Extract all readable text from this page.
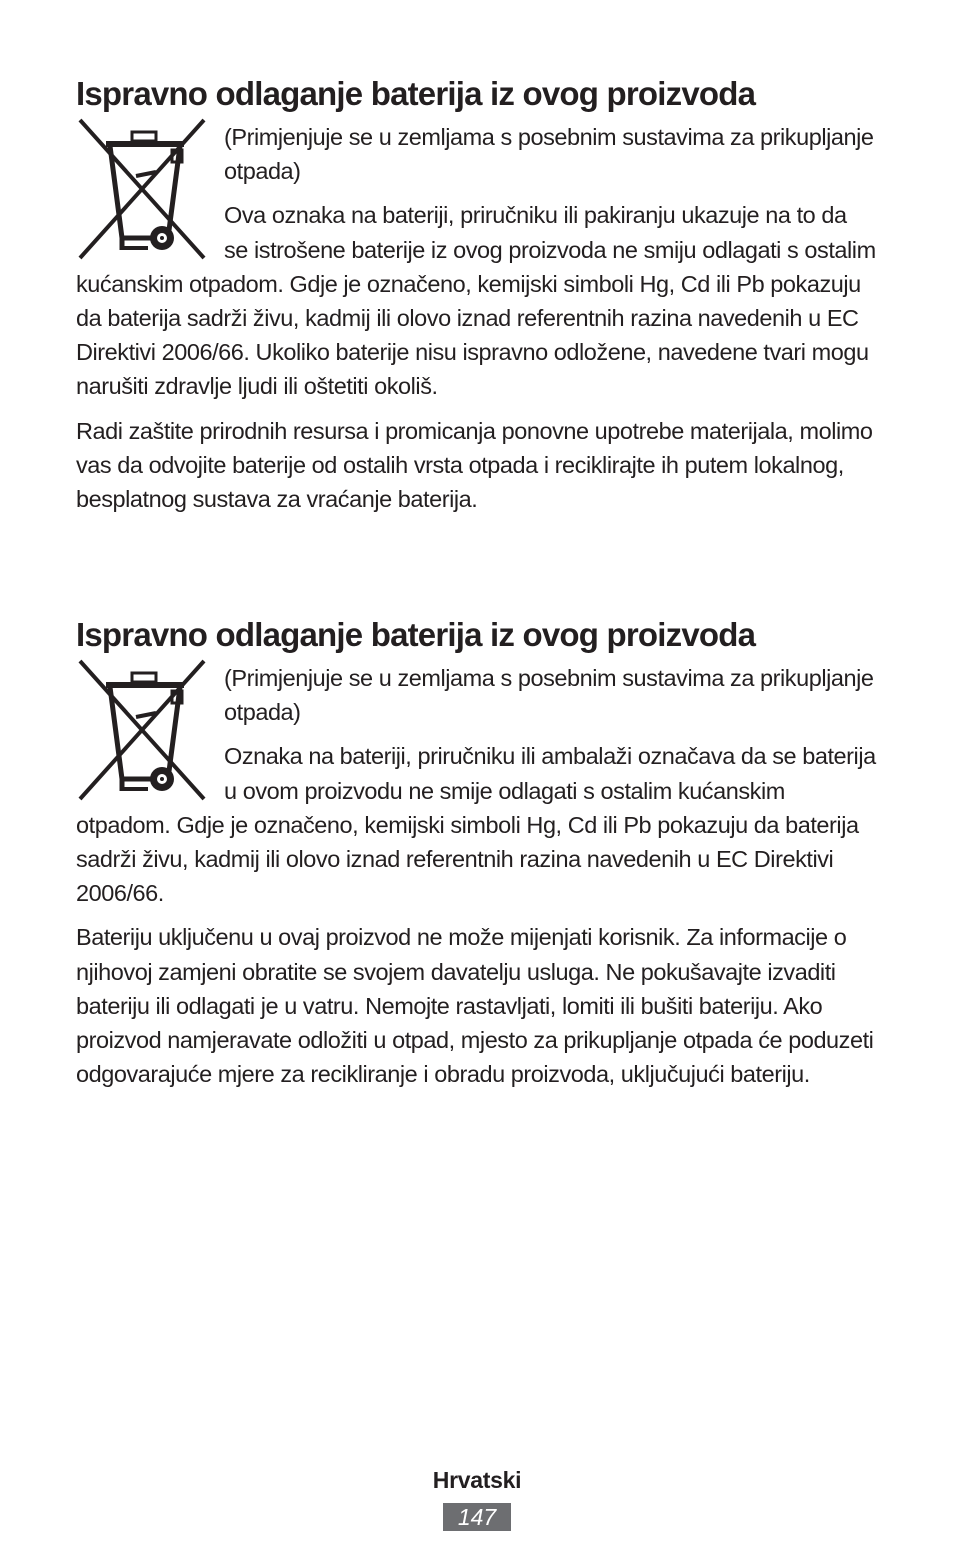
Ispravno odlaganje baterija iz ovog proizvoda

(Primjenjuje se u zemljama s posebnim sustavima za prikupljanje otpada)

Ova oznaka na bateriji, priručniku ili pakiranju ukazuje na to da se istrošene baterije iz ovog proizvoda ne smiju odlagati s ostalim kućanskim otpadom. Gdje je označeno, kemijski simboli Hg, Cd ili Pb pokazuju da baterija sadrži živu, kadmij ili olovo iznad referentnih razina navedenih u EC Direktivi 2006/66. Ukoliko baterije nisu ispravno odložene, navedene tvari mogu narušiti zdravlje ljudi ili oštetiti okoliš.

Radi zaštite prirodnih resursa i promicanja ponovne upotrebe materijala, molimo vas da odvojite baterije od ostalih vrsta otpada i reciklirajte ih putem lokalnog, besplatnog sustava za vraćanje baterija.

Ispravno odlaganje baterija iz ovog proizvoda

(Primjenjuje se u zemljama s posebnim sustavima za prikupljanje otpada)

Oznaka na bateriji, priručniku ili ambalaži označava da se baterija u ovom proizvodu ne smije odlagati s ostalim kućanskim otpadom. Gdje je označeno, kemijski simboli Hg, Cd ili Pb pokazuju da baterija sadrži živu, kadmij ili olovo iznad referentnih razina navedenih u EC Direktivi 2006/66.

Bateriju uključenu u ovaj proizvod ne može mijenjati korisnik. Za informacije o njihovoj zamjeni obratite se svojem davatelju usluga. Ne pokušavajte izvaditi bateriju ili odlagati je u vatru. Nemojte rastavljati, lomiti ili bušiti bateriju. Ako proizvod namjeravate odložiti u otpad, mjesto za prikupljanje otpada će poduzeti odgovarajuće mjere za recikliranje i obradu proizvoda, uključujući bateriju.

Hrvatski
147
